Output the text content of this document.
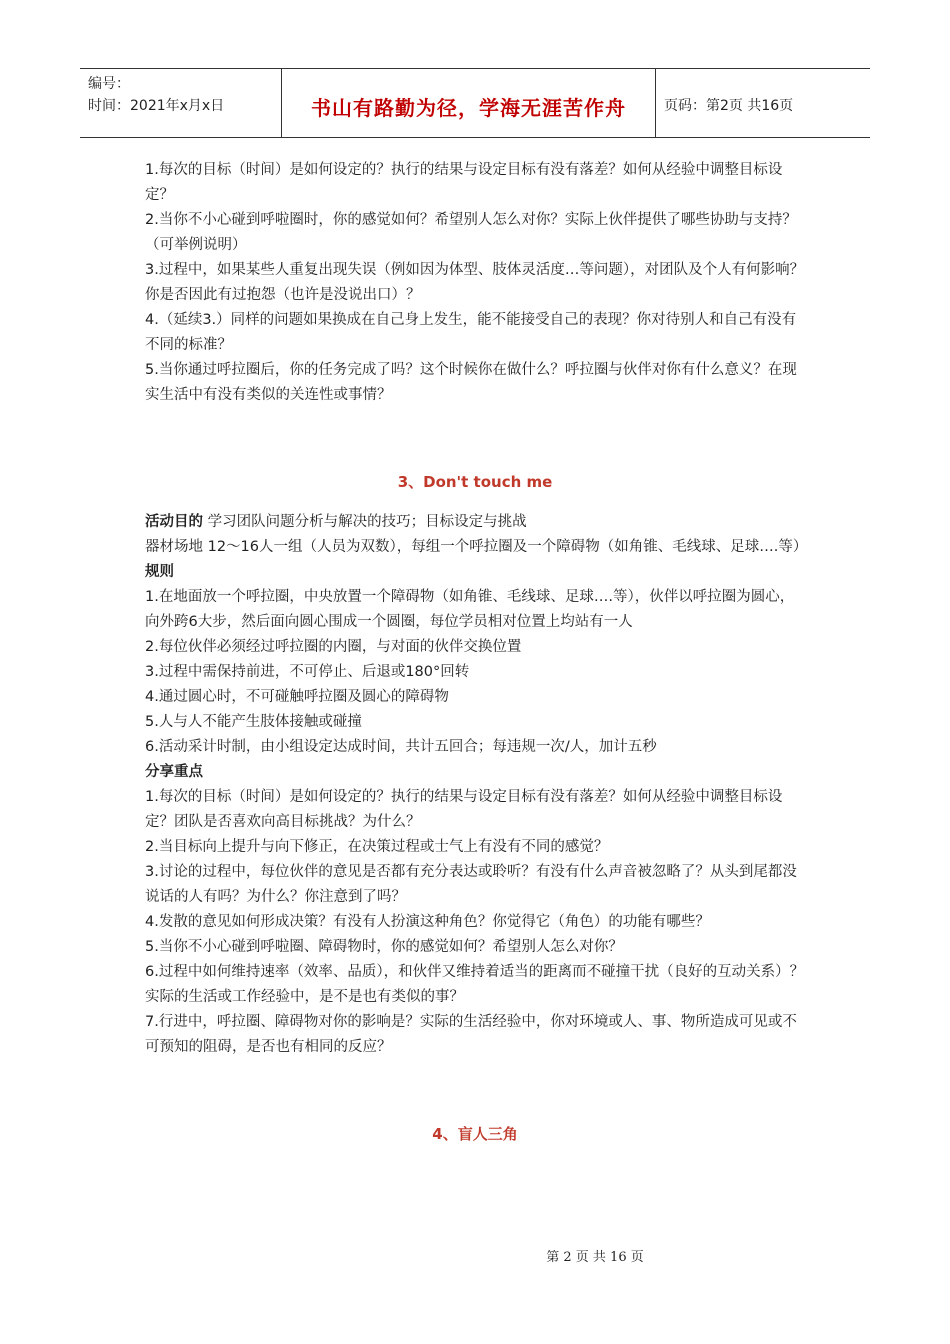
编号：
时间：2021年x月x日	书山有路勤为径，学海无涯苦作舟	页码：第2页 共16页

1.每次的目标（时间）是如何设定的？执行的结果与设定目标有没有落差？如何从经验中调整目标设定？

2.当你不小心碰到呼啦圈时，你的感觉如何？希望别人怎么对你？实际上伙伴提供了哪些协助与支持？（可举例说明）

3.过程中，如果某些人重复出现失误（例如因为体型、肢体灵活度…等问题），对团队及个人有何影响？你是否因此有过抱怨（也许是没说出口）？

4.（延续3.）同样的问题如果换成在自己身上发生，能不能接受自己的表现？你对待别人和自己有没有不同的标准？

5.当你通过呼拉圈后，你的任务完成了吗？这个时候你在做什么？呼拉圈与伙伴对你有什么意义？在现实生活中有没有类似的关连性或事情？

3、Don't touch me

活动目的 学习团队问题分析与解决的技巧；目标设定与挑战

器材场地 12～16人一组（人员为双数），每组一个呼拉圈及一个障碍物（如角锥、毛线球、足球….等）

规则

1.在地面放一个呼拉圈，中央放置一个障碍物（如角锥、毛线球、足球….等），伙伴以呼拉圈为圆心，向外跨6大步，然后面向圆心围成一个圆圈，每位学员相对位置上均站有一人

2.每位伙伴必须经过呼拉圈的内圈，与对面的伙伴交换位置

3.过程中需保持前进，不可停止、后退或180°回转

4.通过圆心时，不可碰触呼拉圈及圆心的障碍物

5.人与人不能产生肢体接触或碰撞

6.活动采计时制，由小组设定达成时间，共计五回合；每违规一次/人，加计五秒

分享重点

1.每次的目标（时间）是如何设定的？执行的结果与设定目标有没有落差？如何从经验中调整目标设定？团队是否喜欢向高目标挑战？为什么？

2.当目标向上提升与向下修正，在决策过程或士气上有没有不同的感觉？

3.讨论的过程中，每位伙伴的意见是否都有充分表达或聆听？有没有什么声音被忽略了？从头到尾都没说话的人有吗？为什么？你注意到了吗？

4.发散的意见如何形成决策？有没有人扮演这种角色？你觉得它（角色）的功能有哪些？

5.当你不小心碰到呼啦圈、障碍物时，你的感觉如何？希望别人怎么对你？

6.过程中如何维持速率（效率、品质），和伙伴又维持着适当的距离而不碰撞干扰（良好的互动关系）？实际的生活或工作经验中，是不是也有类似的事？

7.行进中，呼拉圈、障碍物对你的影响是？实际的生活经验中，你对环境或人、事、物所造成可见或不可预知的阻碍，是否也有相同的反应？

4、盲人三角

第 2 页 共 16 页
